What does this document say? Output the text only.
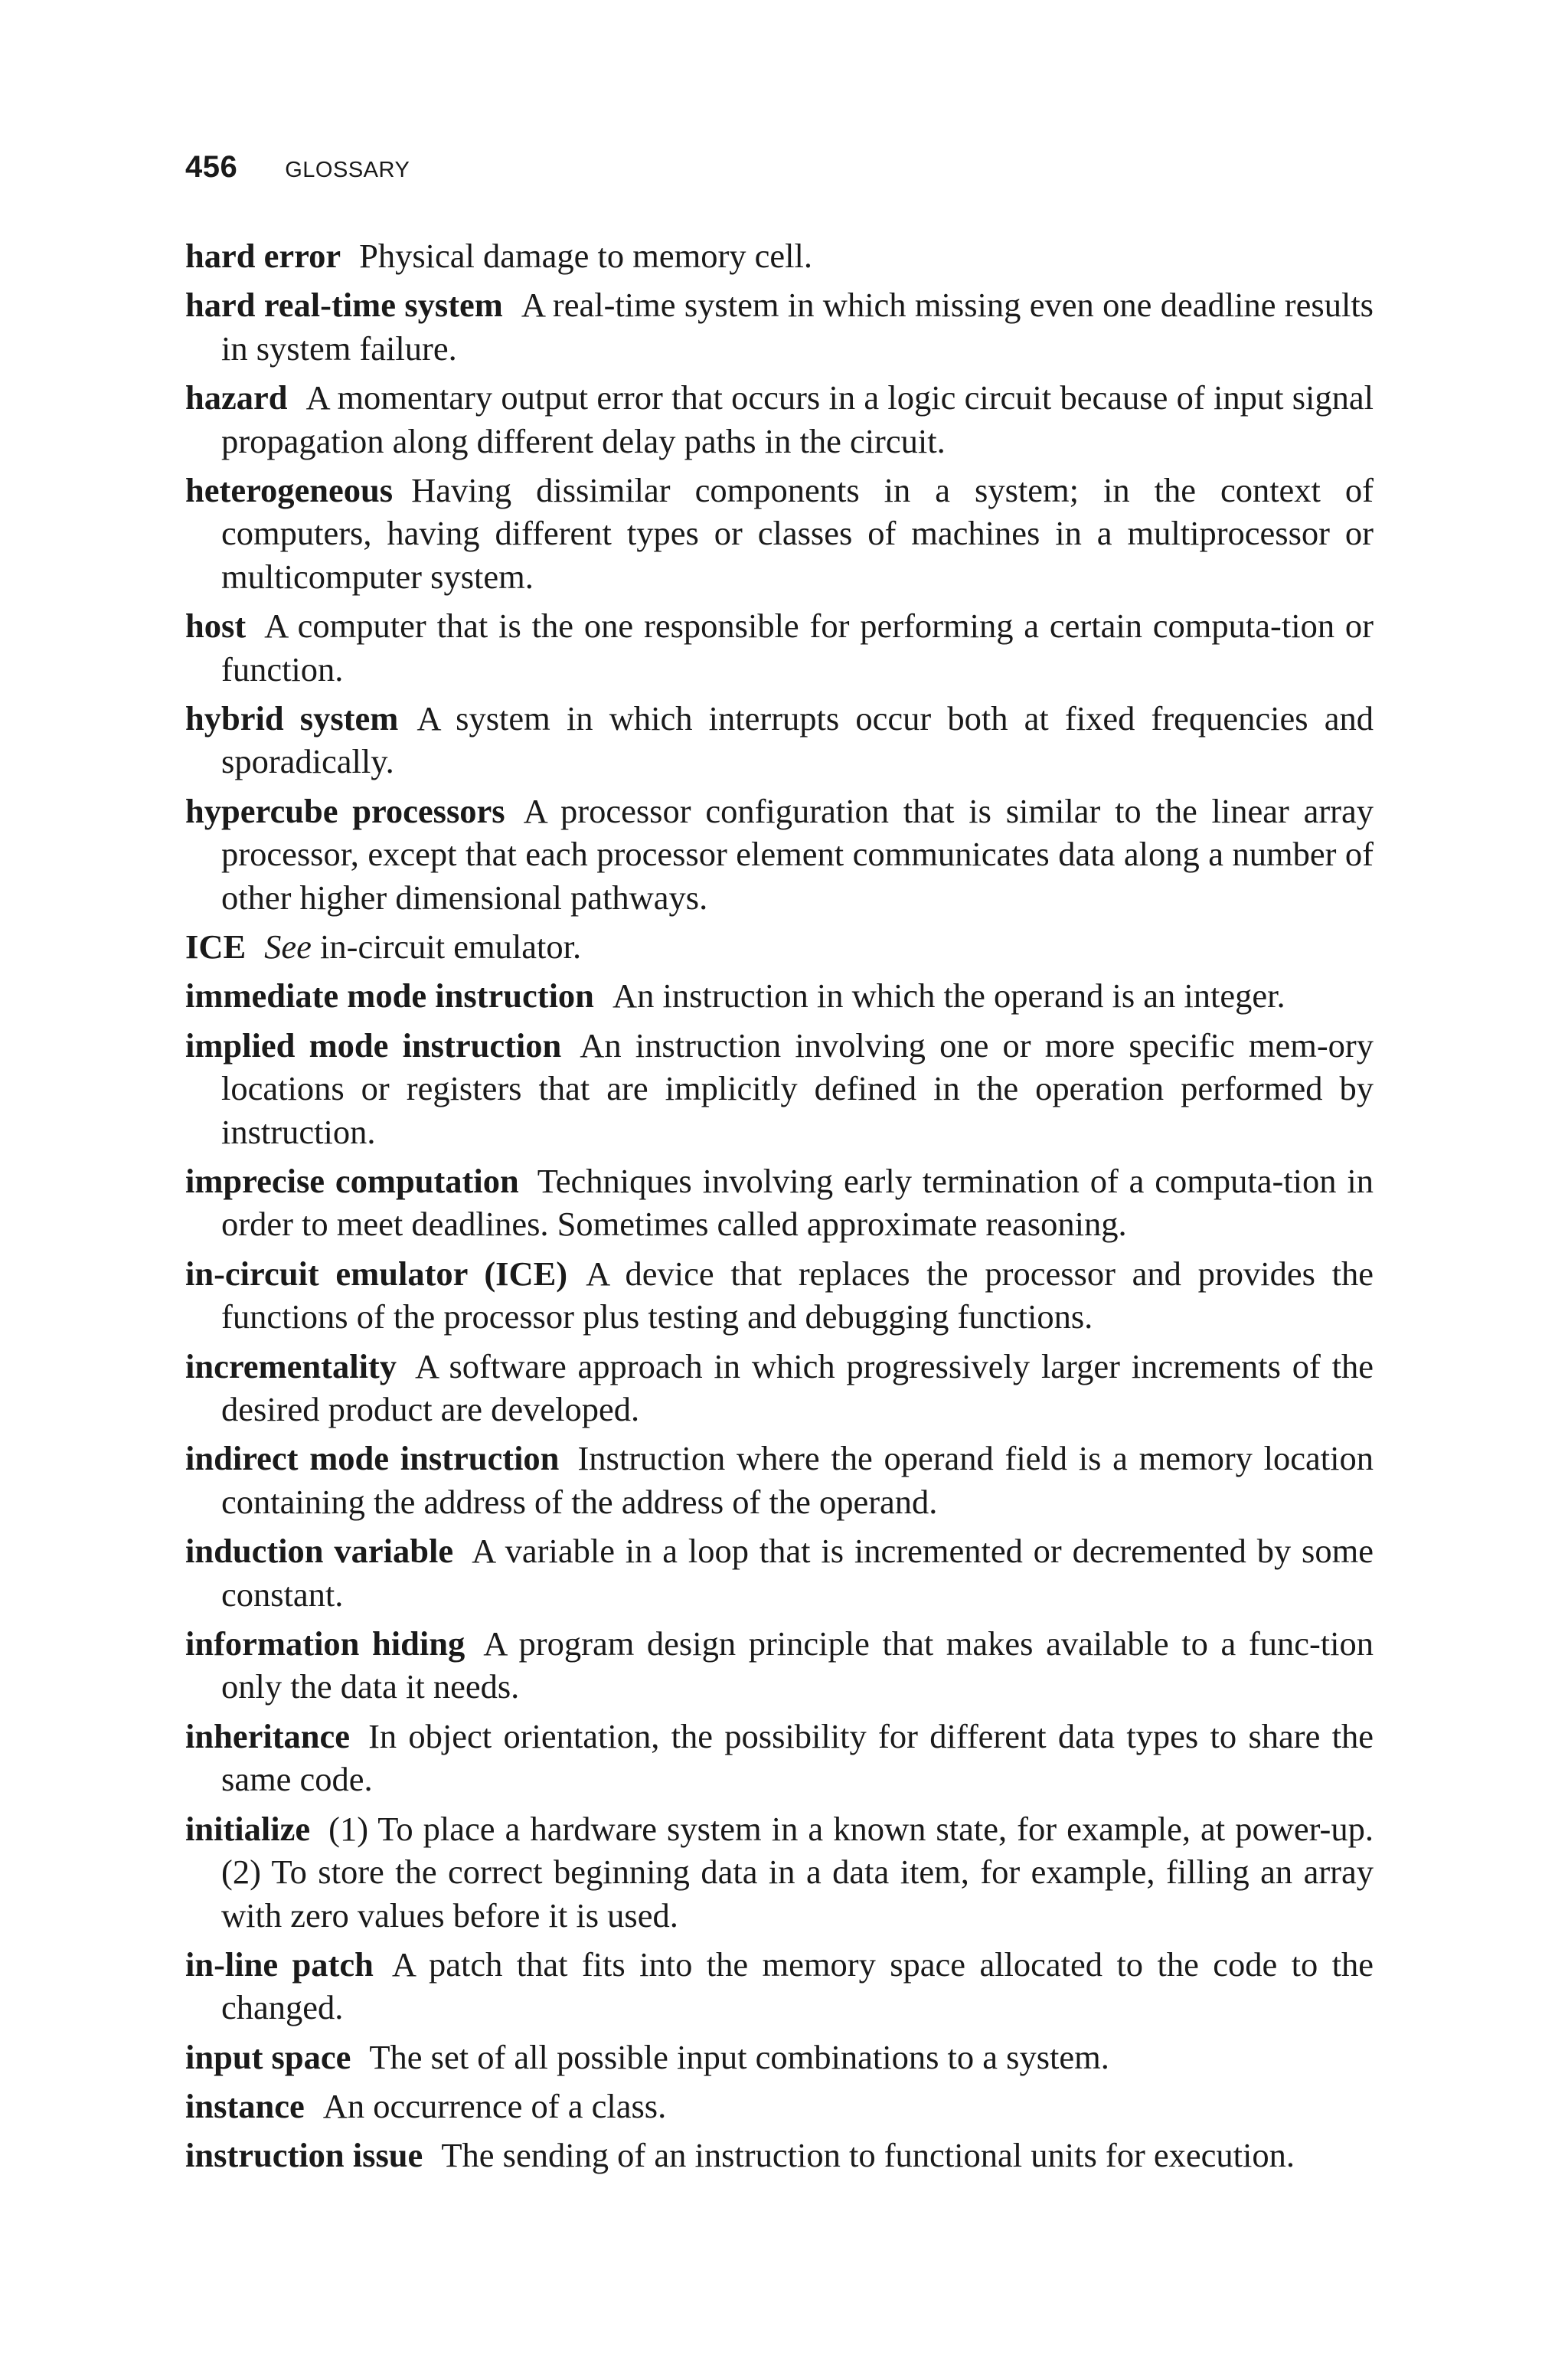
456 GLOSSARY

hard error Physical damage to memory cell.

hard real-time system A real-time system in which missing even one deadline results in system failure.

hazard A momentary output error that occurs in a logic circuit because of input signal propagation along different delay paths in the circuit.

heterogeneous Having dissimilar components in a system; in the context of computers, having different types or classes of machines in a multiprocessor or multicomputer system.

host A computer that is the one responsible for performing a certain computa-tion or function.

hybrid system A system in which interrupts occur both at fixed frequencies and sporadically.

hypercube processors A processor configuration that is similar to the linear array processor, except that each processor element communicates data along a number of other higher dimensional pathways.

ICE See in-circuit emulator.

immediate mode instruction An instruction in which the operand is an integer.

implied mode instruction An instruction involving one or more specific mem-ory locations or registers that are implicitly defined in the operation performed by instruction.

imprecise computation Techniques involving early termination of a computa-tion in order to meet deadlines. Sometimes called approximate reasoning.

in-circuit emulator (ICE) A device that replaces the processor and provides the functions of the processor plus testing and debugging functions.

incrementality A software approach in which progressively larger increments of the desired product are developed.

indirect mode instruction Instruction where the operand field is a memory location containing the address of the address of the operand.

induction variable A variable in a loop that is incremented or decremented by some constant.

information hiding A program design principle that makes available to a func-tion only the data it needs.

inheritance In object orientation, the possibility for different data types to share the same code.

initialize (1) To place a hardware system in a known state, for example, at power-up. (2) To store the correct beginning data in a data item, for example, filling an array with zero values before it is used.

in-line patch A patch that fits into the memory space allocated to the code to the changed.

input space The set of all possible input combinations to a system.

instance An occurrence of a class.

instruction issue The sending of an instruction to functional units for execution.
